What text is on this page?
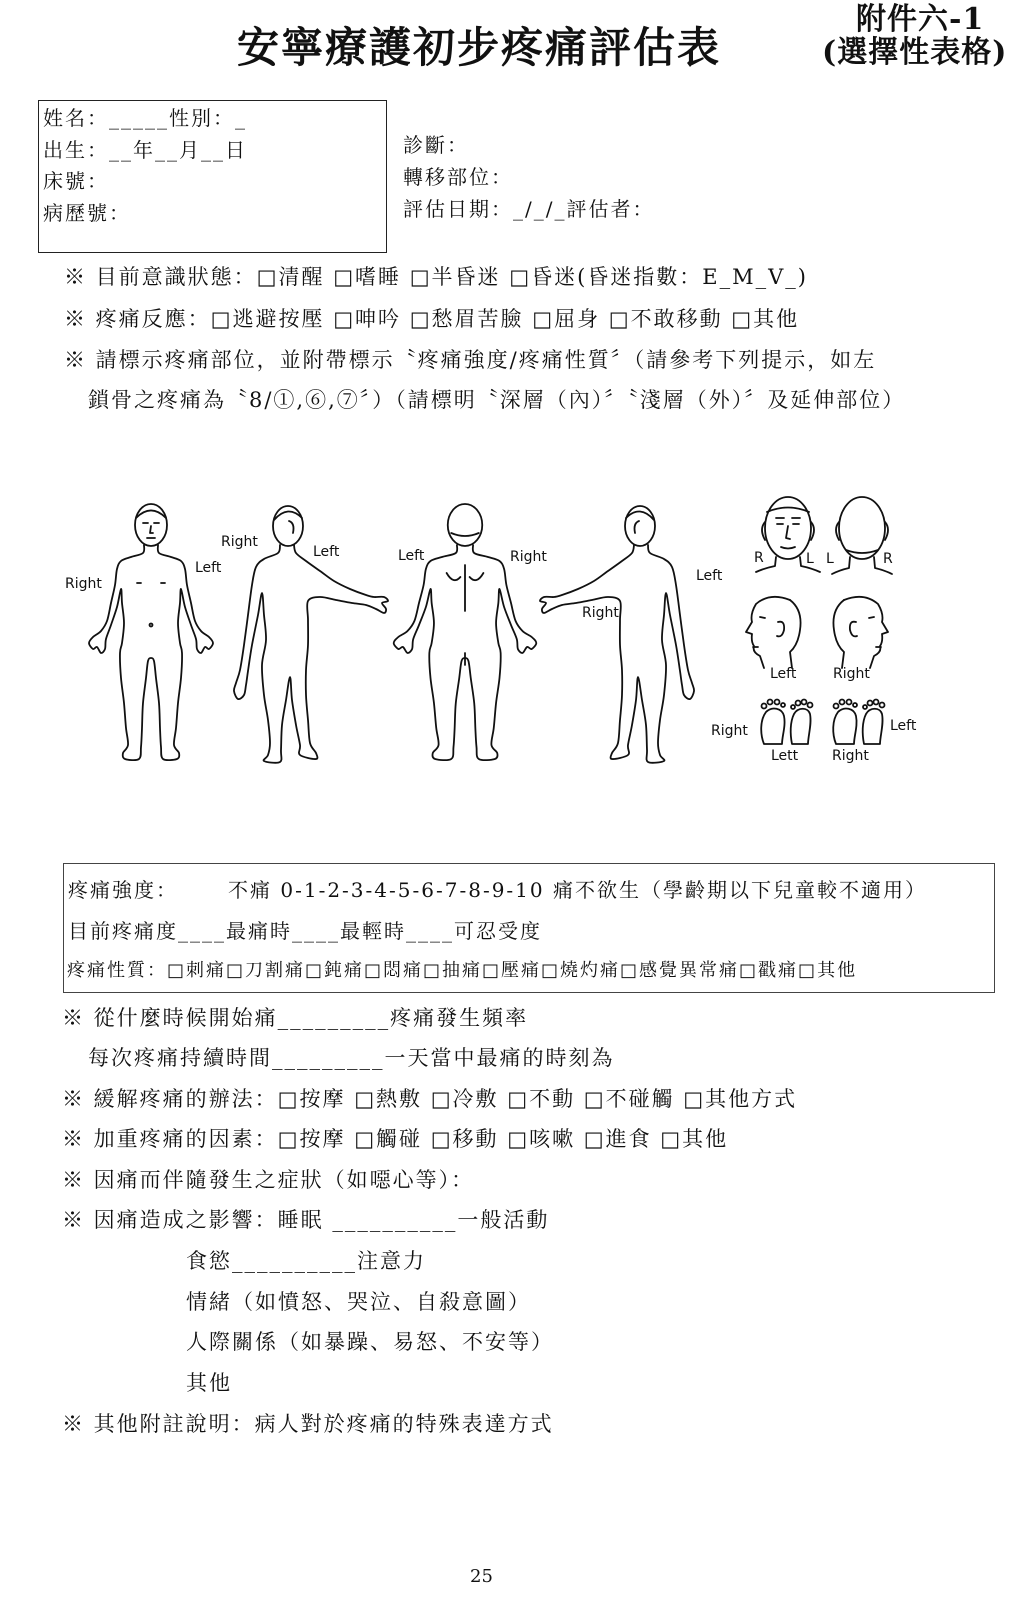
附件六-1
(選擇性表格)
安寧療護初步疼痛評估表
姓名：_____性別：_
出生：__年__月__日
床號：
病歷號：
診斷：
轉移部位：
評估日期：_/_/_評估者：
※ 目前意識狀態：□清醒 □嗜睡 □半昏迷 □昏迷(昏迷指數：E_M_V_)
※ 疼痛反應：□逃避按壓 □呻吟 □愁眉苦臉 □屈身 □不敢移動 □其他
※ 請標示疼痛部位，並附帶標示〝疼痛強度/疼痛性質〞（請參考下列提示，如左
鎖骨之疼痛為〝8/①,⑥,⑦〞）（請標明〝深層（內）〞〝淺層（外）〞及延伸部位）
Right
Left
Right
Left	Left	Right
Left
Right
R	L L	R
Left	Right
Right
Lett
Left
Right
疼痛強度：	不痛 0-1-2-3-4-5-6-7-8-9-10 痛不欲生（學齡期以下兒童較不適用）
目前疼痛度____最痛時____最輕時____可忍受度
疼痛性質：□刺痛□刀割痛□鈍痛□悶痛□抽痛□壓痛□燒灼痛□感覺異常痛□戳痛□其他
※ 從什麼時候開始痛_________疼痛發生頻率
每次疼痛持續時間_________一天當中最痛的時刻為
※ 緩解疼痛的辦法：□按摩 □熱敷 □冷敷 □不動 □不碰觸 □其他方式
※ 加重疼痛的因素：□按摩 □觸碰 □移動 □咳嗽 □進食 □其他
※ 因痛而伴隨發生之症狀（如噁心等）：
※ 因痛造成之影響：睡眠 __________一般活動
食慾__________注意力
情緒（如憤怒、哭泣、自殺意圖）
人際關係（如暴躁、易怒、不安等）
其他
※ 其他附註說明：病人對於疼痛的特殊表達方式
25
